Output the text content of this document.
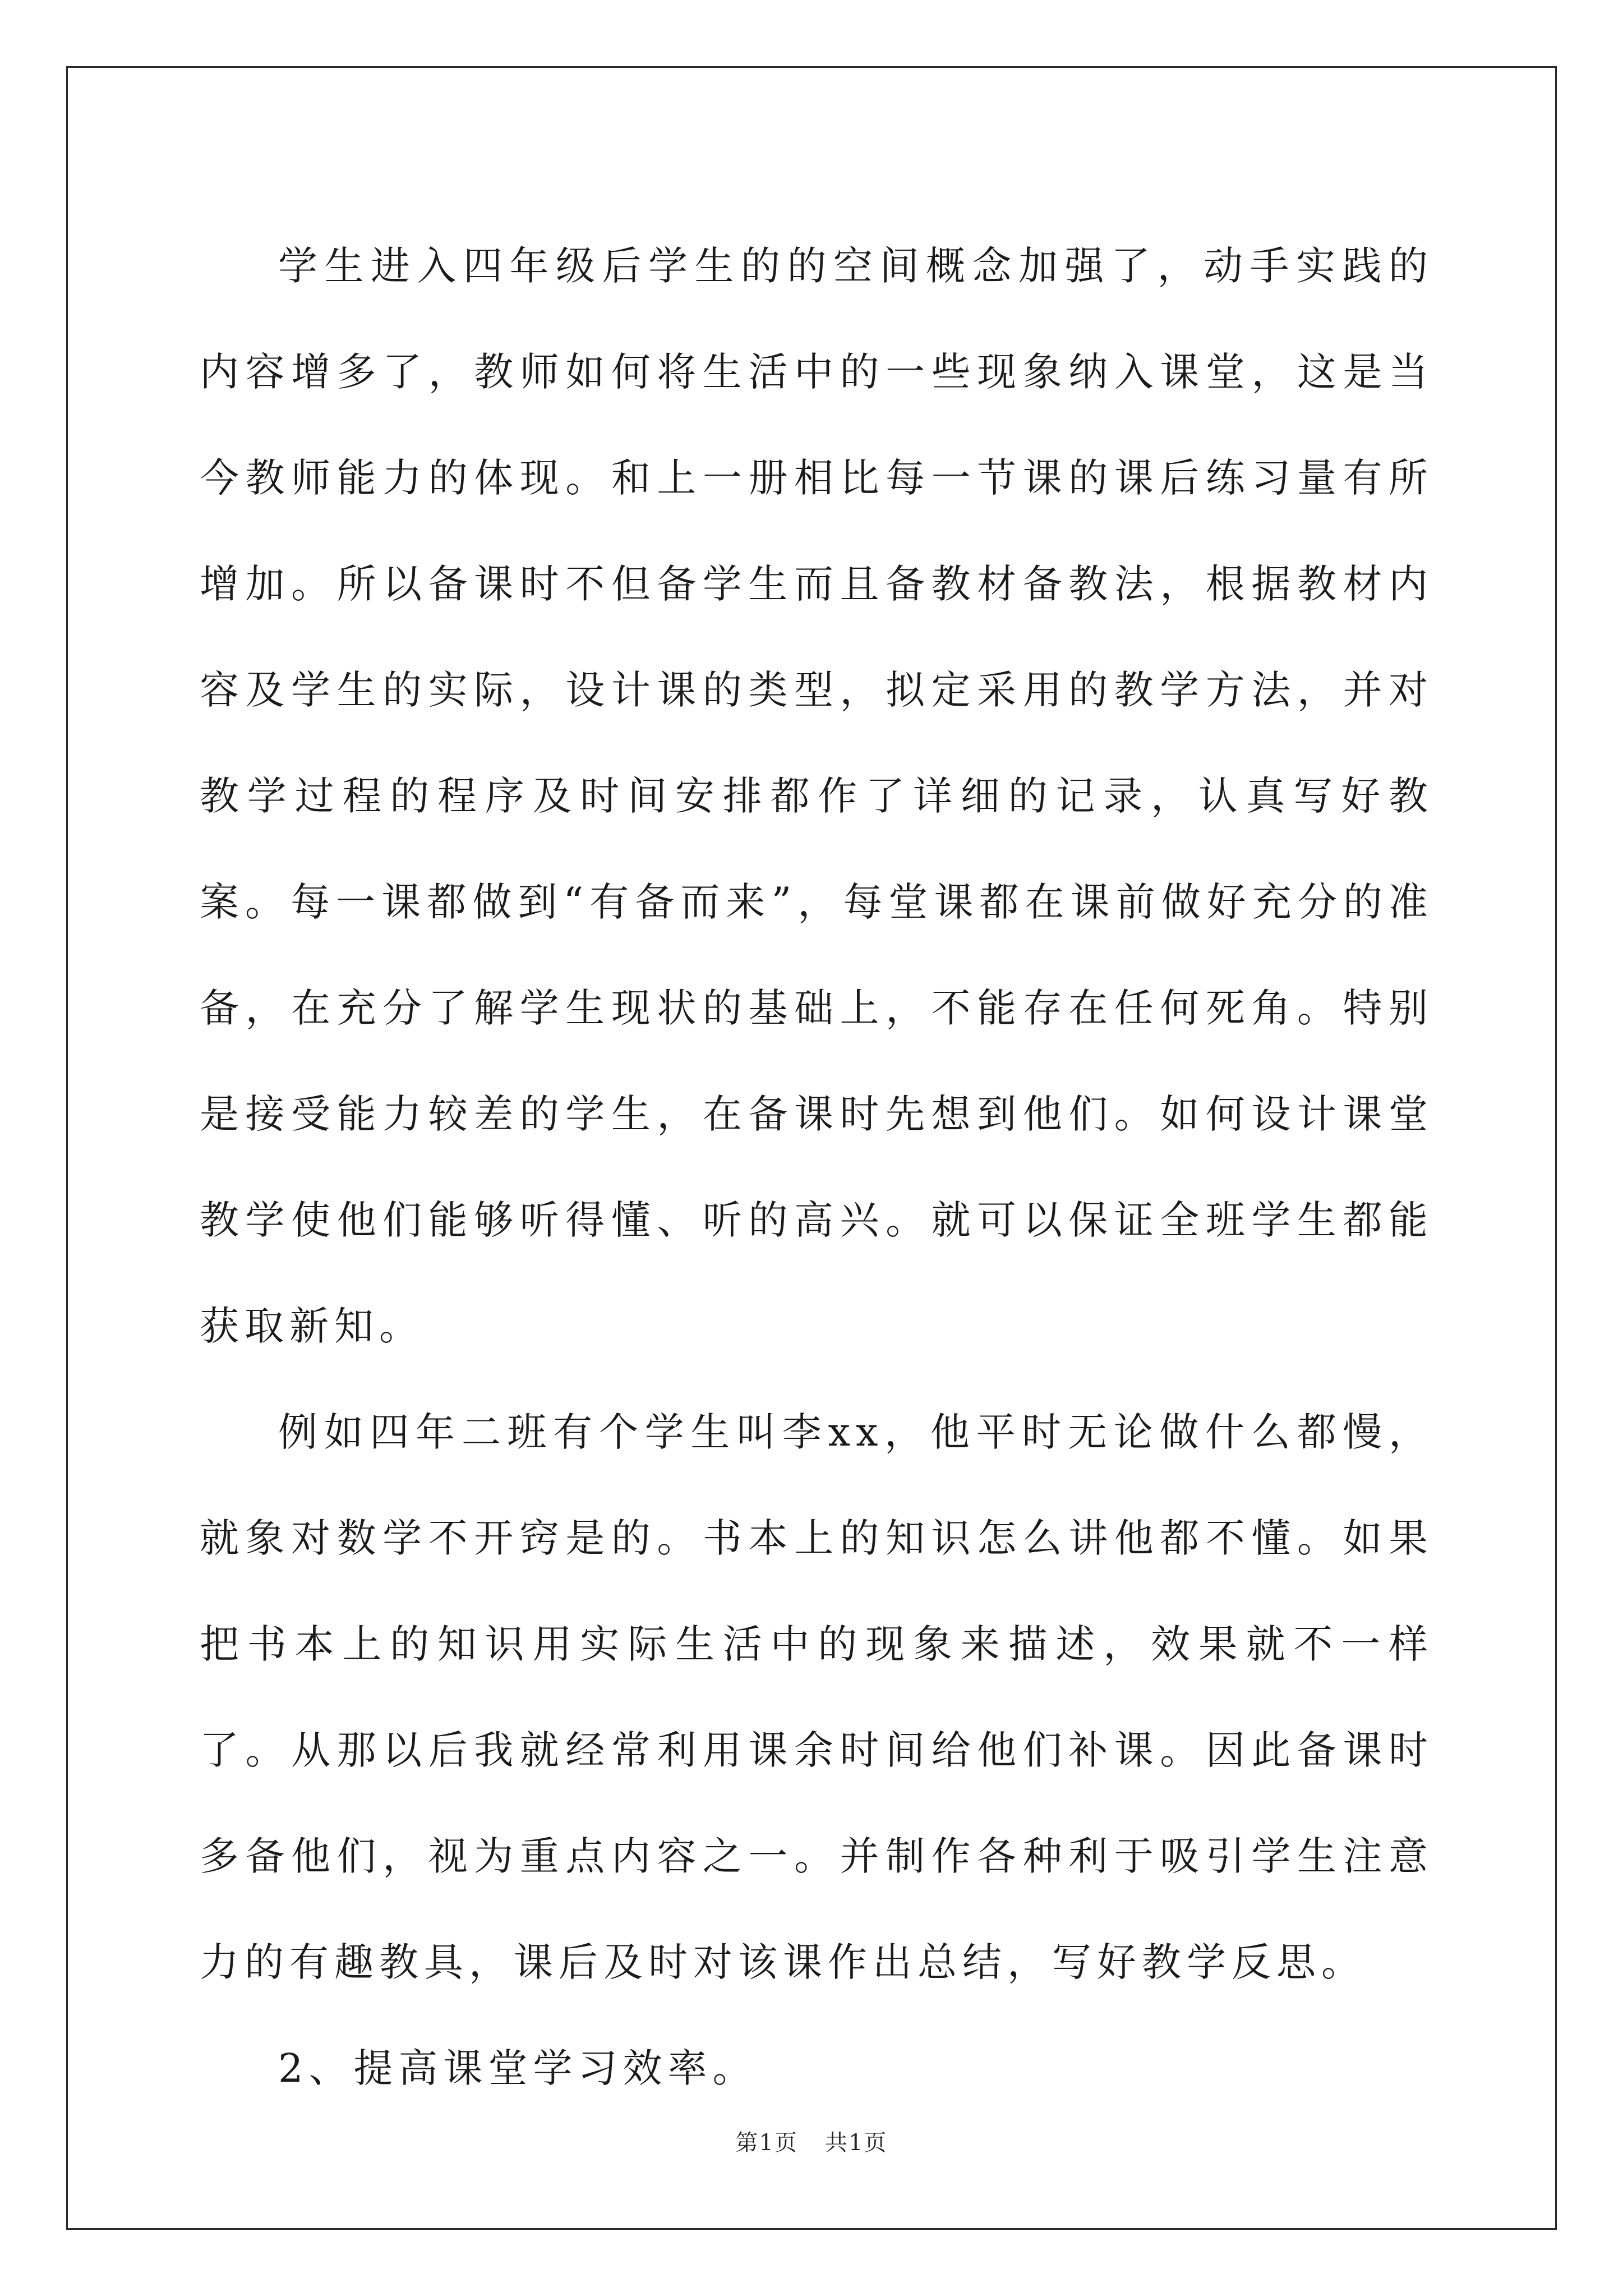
学生进入四年级后学生的的空间概念加强了，动手实践的内容增多了，教师如何将生活中的一些现象纳入课堂，这是当今教师能力的体现。和上一册相比每一节课的课后练习量有所增加。所以备课时不但备学生而且备教材备教法，根据教材内容及学生的实际，设计课的类型，拟定采用的教学方法，并对教学过程的程序及时间安排都作了详细的记录，认真写好教案。每一课都做到“有备而来”，每堂课都在课前做好充分的准备，在充分了解学生现状的基础上，不能存在任何死角。特别是接受能力较差的学生，在备课时先想到他们。如何设计课堂教学使他们能够听得懂、听的高兴。就可以保证全班学生都能获取新知。

例如四年二班有个学生叫李xx，他平时无论做什么都慢，就象对数学不开窍是的。书本上的知识怎么讲他都不懂。如果把书本上的知识用实际生活中的现象来描述，效果就不一样了。从那以后我就经常利用课余时间给他们补课。因此备课时多备他们，视为重点内容之一。并制作各种利于吸引学生注意力的有趣教具，课后及时对该课作出总结，写好教学反思。

2、提高课堂学习效率。

第1页 共1页
